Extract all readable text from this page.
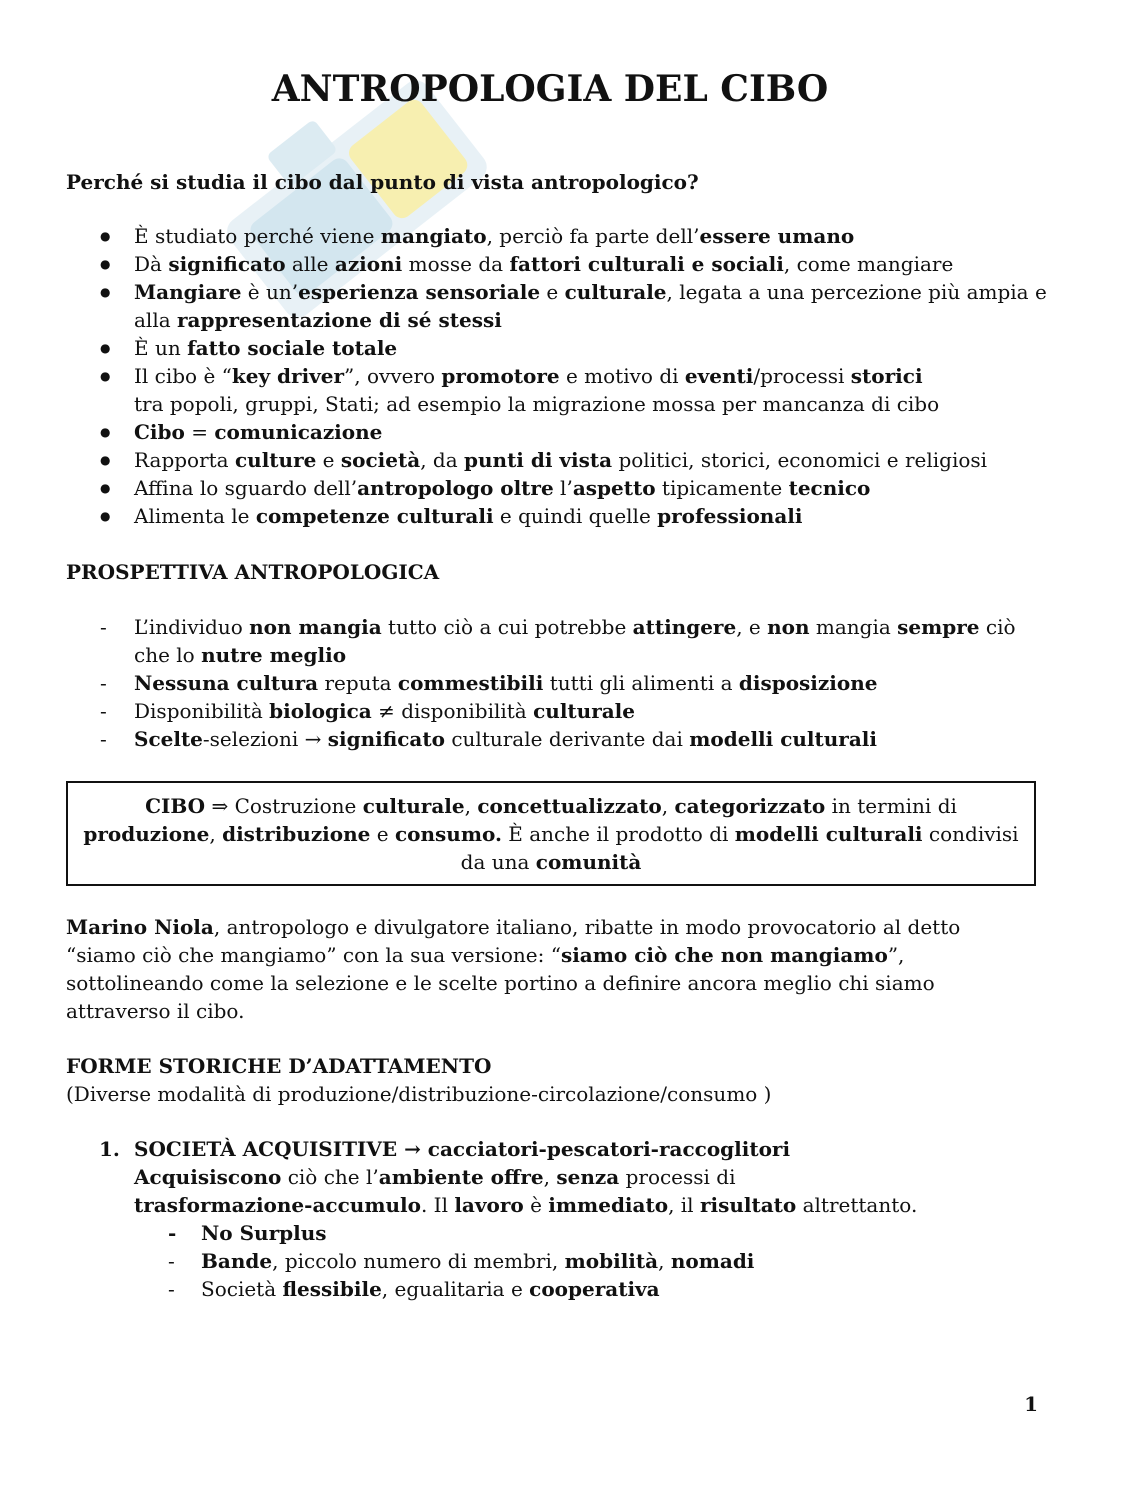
ANTROPOLOGIA DEL CIBO
Perché si studia il cibo dal punto di vista antropologico?
● È studiato perché viene mangiato, perciò fa parte dell’essere umano
● Dà significato alle azioni mosse da fattori culturali e sociali, come mangiare
● Mangiare è un’esperienza sensoriale e culturale, legata a una percezione più ampia e alla rappresentazione di sé stessi
● È un fatto sociale totale
● Il cibo è “key driver”, ovvero promotore e motivo di eventi/processi storici
tra popoli, gruppi, Stati; ad esempio la migrazione mossa per mancanza di cibo
● Cibo = comunicazione
● Rapporta culture e società, da punti di vista politici, storici, economici e religiosi
● Affina lo sguardo dell’antropologo oltre l’aspetto tipicamente tecnico
● Alimenta le competenze culturali e quindi quelle professionali
PROSPETTIVA ANTROPOLOGICA
- L’individuo non mangia tutto ciò a cui potrebbe attingere, e non mangia sempre ciò che lo nutre meglio
- Nessuna cultura reputa commestibili tutti gli alimenti a disposizione
- Disponibilità biologica ≠ disponibilità culturale
- Scelte-selezioni → significato culturale derivante dai modelli culturali
CIBO ⇒ Costruzione culturale, concettualizzato, categorizzato in termini di produzione, distribuzione e consumo. È anche il prodotto di modelli culturali condivisi da una comunità
Marino Niola, antropologo e divulgatore italiano, ribatte in modo provocatorio al detto “siamo ciò che mangiamo” con la sua versione: “siamo ciò che non mangiamo”, sottolineando come la selezione e le scelte portino a definire ancora meglio chi siamo attraverso il cibo.
FORME STORICHE D’ADATTAMENTO
(Diverse modalità di produzione/distribuzione-circolazione/consumo )
1. SOCIETÀ ACQUISITIVE → cacciatori-pescatori-raccoglitori
Acquisiscono ciò che l’ambiente offre, senza processi di
trasformazione-accumulo. Il lavoro è immediato, il risultato altrettanto.
- No Surplus
- Bande, piccolo numero di membri, mobilità, nomadi
- Società flessibile, egualitaria e cooperativa
1
